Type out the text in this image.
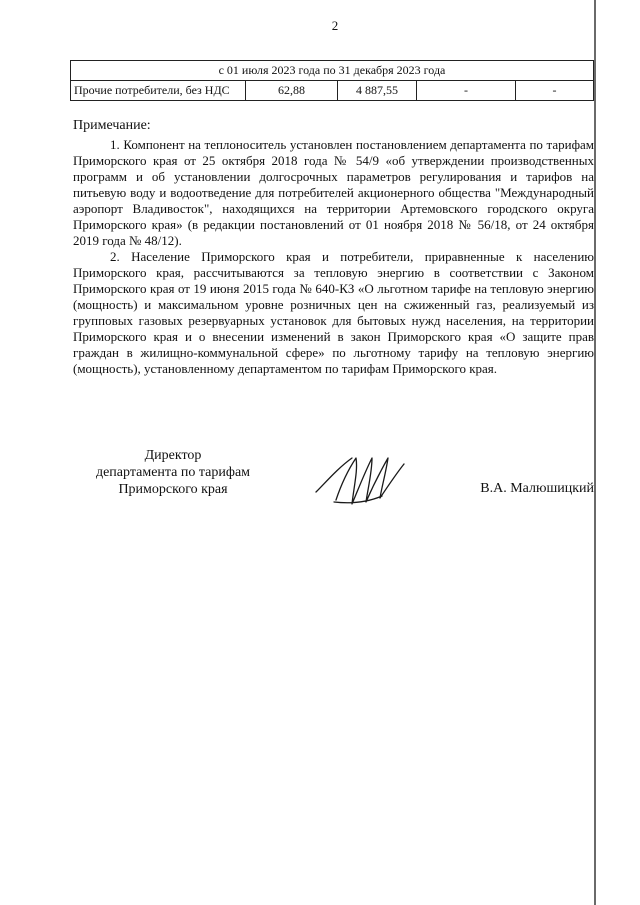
2
с 01 июля 2023 года по 31 декабря 2023 года
Прочие потребители, без НДС	62,88	4 887,55	-	-
Примечание:

1. Компонент на теплоноситель установлен постановлением департамента по тарифам Приморского края от 25 октября 2018 года № 54/9 «об утверждении производственных программ и об установлении долгосрочных параметров регулирования и тарифов на питьевую воду и водоотведение для потребителей акционерного общества "Международный аэропорт Владивосток", находящихся на территории Артемовского городского округа Приморского края» (в редакции постановлений от 01 ноября 2018 № 56/18, от 24 октября 2019 года № 48/12).

2. Население Приморского края и потребители, приравненные к населению Приморского края, рассчитываются за тепловую энергию в соответствии с Законом Приморского края от 19 июня 2015 года № 640-КЗ «О льготном тарифе на тепловую энергию (мощность) и максимальном уровне розничных цен на сжиженный газ, реализуемый из групповых газовых резервуарных установок для бытовых нужд населения, на территории Приморского края и о внесении изменений в закон Приморского края «О защите прав граждан в жилищно-коммунальной сфере» по льготному тарифу на тепловую энергию (мощность), установленному департаментом по тарифам Приморского края.

Директор
департамента по тарифам
Приморского края	В.А. Малюшицкий
